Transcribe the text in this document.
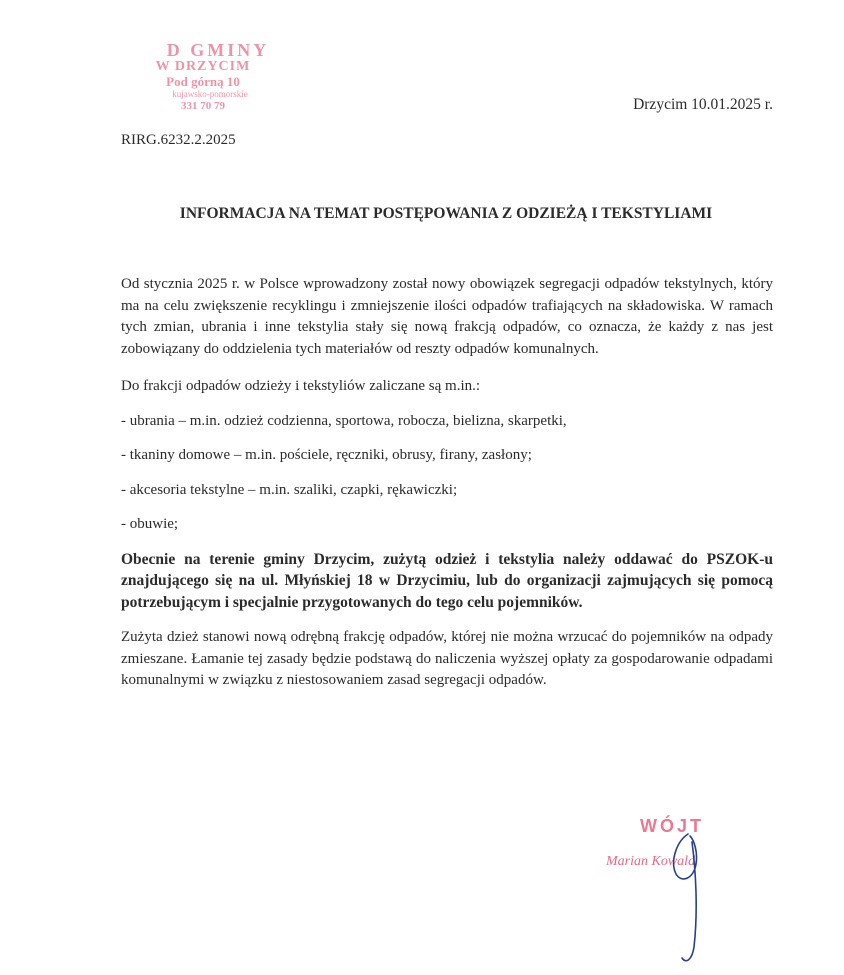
D GMINY
W DRZYCIM
Pod górną 10
kujawsko-pomorskie
331 70 79	Drzycim 10.01.2025 r.
RIRG.6232.2.2025
INFORMACJA NA TEMAT POSTĘPOWANIA Z ODZIEŻĄ I TEKSTYLIAMI

Od stycznia 2025 r. w Polsce wprowadzony został nowy obowiązek segregacji odpadów tekstylnych, który ma na celu zwiększenie recyklingu i zmniejszenie ilości odpadów trafiających na składowiska. W ramach tych zmian, ubrania i inne tekstylia stały się nową frakcją odpadów, co oznacza, że każdy z nas jest zobowiązany do oddzielenia tych materiałów od reszty odpadów komunalnych.

Do frakcji odpadów odzieży i tekstyliów zaliczane są m.in.:

- ubrania – m.in. odzież codzienna, sportowa, robocza, bielizna, skarpetki,

- tkaniny domowe – m.in. pościele, ręczniki, obrusy, firany, zasłony;

- akcesoria tekstylne – m.in. szaliki, czapki, rękawiczki;

- obuwie;

Obecnie na terenie gminy Drzycim, zużytą odzież i tekstylia należy oddawać do PSZOK-u znajdującego się na ul. Młyńskiej 18 w Drzycimiu, lub do organizacji zajmujących się pomocą potrzebującym i specjalnie przygotowanych do tego celu pojemników.

Zużyta dzież stanowi nową odrębną frakcję odpadów, której nie można wrzucać do pojemników na odpady zmieszane. Łamanie tej zasady będzie podstawą do naliczenia wyższej opłaty za gospodarowanie odpadami komunalnymi w związku z niestosowaniem zasad segregacji odpadów.

WÓJT
Marian Kowald
